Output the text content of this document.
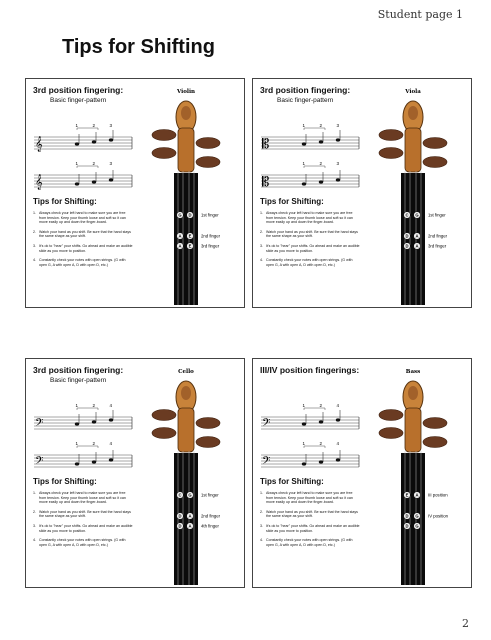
Student page 1
Tips for Shifting
2
3rd position fingering:
Basic finger-pattern
𝄞
1	2	3
𝄞
1	2	3
Violin
G D 1st finger
A E 2nd finger
A E 3rd finger
Tips for Shifting:
1. Always check your left hand to make sure you are free from tension. Keep your thumb loose and soft so it can move easily up and down the finger-board.
2. Watch your hand as you shift. Be sure that the hand stays the same shape as your shift.
3. It's ok to "hear" your shifts. Go ahead and make an audible slide as you move to position.
4. Constantly check your notes with open strings. (G with open G, A with open A, D with open D, etc.)
3rd position fingering:
Basic finger-pattern
𝄡
1	2	3
𝄡
1	2	3
Viola
C G 1st finger
D A 2nd finger
D A 3rd finger
Tips for Shifting:
1. Always check your left hand to make sure you are free from tension. Keep your thumb loose and soft so it can move easily up and down the finger-board.
2. Watch your hand as you shift. Be sure that the hand stays the same shape as your shift.
3. It's ok to "hear" your shifts. Go ahead and make an audible slide as you move to position.
4. Constantly check your notes with open strings. (G with open G, A with open A, D with open D, etc.)
3rd position fingering:
Basic finger-pattern
𝄢
1	2	4
𝄢
1	2	4
Cello
C G 1st finger
D A 2nd finger
D A 4th finger
Tips for Shifting:
1. Always check your left hand to make sure you are free from tension. Keep your thumb loose and soft so it can move easily up and down the finger-board.
2. Watch your hand as you shift. Be sure that the hand stays the same shape as your shift.
3. It's ok to "hear" your shifts. Go ahead and make an audible slide as you move to position.
4. Constantly check your notes with open strings. (G with open G, A with open A, D with open D, etc.)
III/IV position fingerings:
𝄢
1	2	4
𝄢
1	2	4
Bass
E A III position
D G IV position
D G
Tips for Shifting:
1. Always check your left hand to make sure you are free from tension. Keep your thumb loose and soft so it can move easily up and down the finger-board.
2. Watch your hand as you shift. Be sure that the hand stays the same shape as your shift.
3. It's ok to "hear" your shifts. Go ahead and make an audible slide as you move to position.
4. Constantly check your notes with open strings. (G with open G, A with open A, D with open D, etc.)
